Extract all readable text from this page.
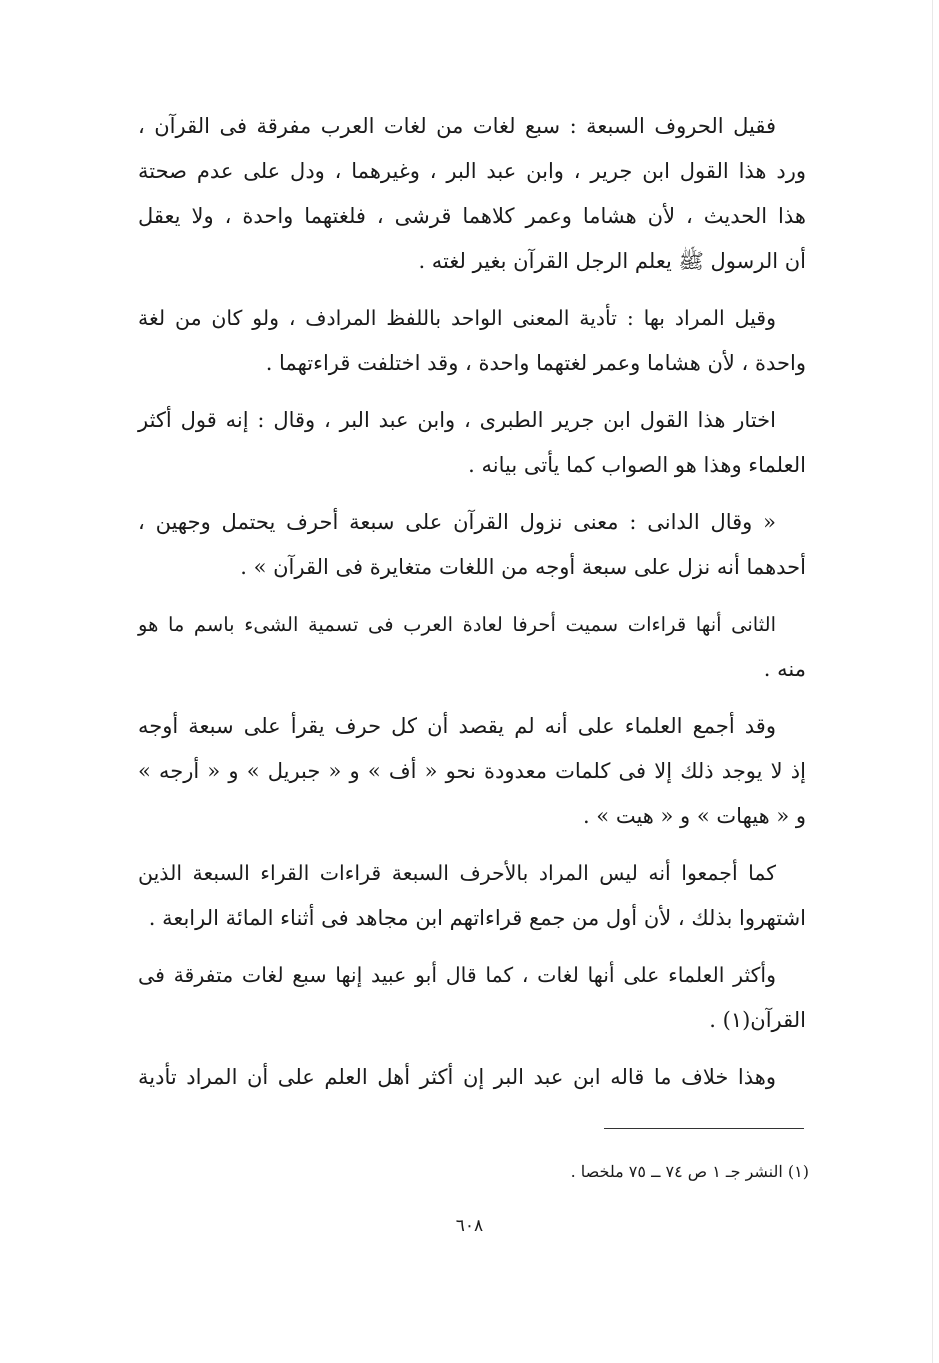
فقيل الحروف السبعة : سبع لغات من لغات العرب مفرقة فى القرآن ،
ورد هذا القول ابن جرير ، وابن عبد البر ، وغيرهما ، ودل على عدم صحتة
هذا الحديث ، لأن هشاما وعمر كلاهما قرشى ، فلغتهما واحدة ، ولا يعقل
أن الرسول ﷺ يعلم الرجل القرآن بغير لغته .
وقيل المراد بها : تأدية المعنى الواحد باللفظ المرادف ، ولو كان من لغة
واحدة ، لأن هشاما وعمر لغتهما واحدة ، وقد اختلفت قراءتهما .
اختار هذا القول ابن جرير الطبرى ، وابن عبد البر ، وقال : إنه قول أكثر
العلماء وهذا هو الصواب كما يأتى بيانه .
« وقال الدانى : معنى نزول القرآن على سبعة أحرف يحتمل وجهين ،
أحدهما أنه نزل على سبعة أوجه من اللغات متغايرة فى القرآن » .
الثانى أنها قراءات سميت أحرفا لعادة العرب فى تسمية الشىء باسم ما هو
منه .
وقد أجمع العلماء على أنه لم يقصد أن كل حرف يقرأ على سبعة أوجه
إذ لا يوجد ذلك إلا فى كلمات معدودة نحو « أف » و « جبريل » و « أرجه »
و « هيهات » و « هيت » .
كما أجمعوا أنه ليس المراد بالأحرف السبعة قراءات القراء السبعة الذين
اشتهروا بذلك ، لأن أول من جمع قراءاتهم ابن مجاهد فى أثناء المائة الرابعة .
وأكثر العلماء على أنها لغات ، كما قال أبو عبيد إنها سبع لغات متفرقة فى
القرآن(١) .
وهذا خلاف ما قاله ابن عبد البر إن أكثر أهل العلم على أن المراد تأدية
(١) النشر جـ ١ ص ٧٤ ــ ٧٥ ملخصا .
٦٠٨
